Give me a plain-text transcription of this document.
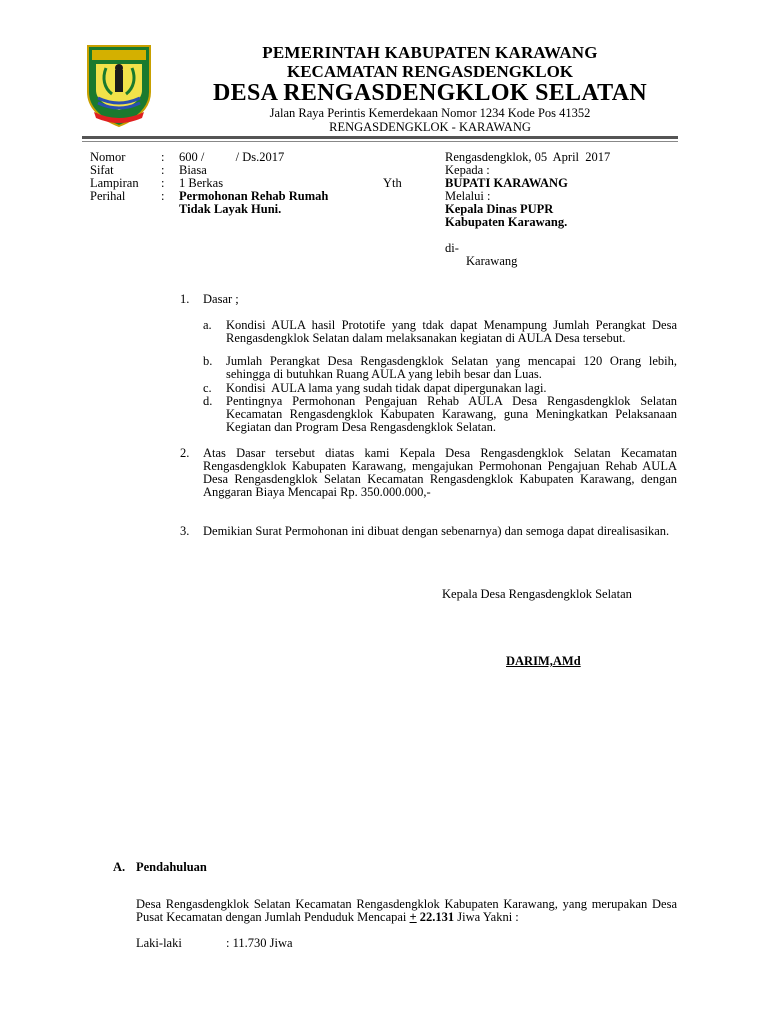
PEMERINTAH KABUPATEN KARAWANG
KECAMATAN RENGASDENGKLOK
DESA RENGASDENGKLOK SELATAN
Jalan Raya Perintis Kemerdekaan Nomor 1234 Kode Pos 41352
RENGASDENGKLOK - KARAWANG
Nomor	: 600 /          / Ds.2017
Sifat	: Biasa
Lampiran : 1 Berkas
Perihal	: Permohonan Rehab Rumah
Tidak Layak Huni.
Rengasdengklok, 05  April  2017
Kepada :
Yth	BUPATI KARAWANG
Melalui :
Kepala Dinas PUPR
Kabupaten Karawang.
di-
Karawang
1. Dasar ;
a. Kondisi AULA hasil Prototife yang tdak dapat Menampung Jumlah Perangkat Desa Rengasdengklok Selatan dalam melaksanakan kegiatan di AULA Desa tersebut.
b. Jumlah Perangkat Desa Rengasdengklok Selatan yang mencapai 120 Orang lebih, sehingga di butuhkan Ruang AULA yang lebih besar dan Luas.
c. Kondisi  AULA lama yang sudah tidak dapat dipergunakan lagi.
d. Pentingnya Permohonan Pengajuan Rehab AULA Desa Rengasdengklok Selatan Kecamatan Rengasdengklok Kabupaten Karawang, guna Meningkatkan Pelaksanaan Kegiatan dan Program Desa Rengasdengklok Selatan.
2. Atas Dasar tersebut diatas kami Kepala Desa Rengasdengklok Selatan Kecamatan Rengasdengklok Kabupaten Karawang, mengajukan Permohonan Pengajuan Rehab AULA Desa Rengasdengklok Selatan Kecamatan Rengasdengklok Kabupaten Karawang, dengan Anggaran Biaya Mencapai Rp. 350.000.000,-
3. Demikian Surat Permohonan ini dibuat dengan sebenarnya) dan semoga dapat direalisasikan.
Kepala Desa Rengasdengklok Selatan
DARIM,AMd
A. Pendahuluan
Desa Rengasdengklok Selatan Kecamatan Rengasdengklok Kabupaten Karawang, yang merupakan Desa Pusat Kecamatan dengan Jumlah Penduduk Mencapai + 22.131 Jiwa Yakni :
Laki-laki	: 11.730 Jiwa
